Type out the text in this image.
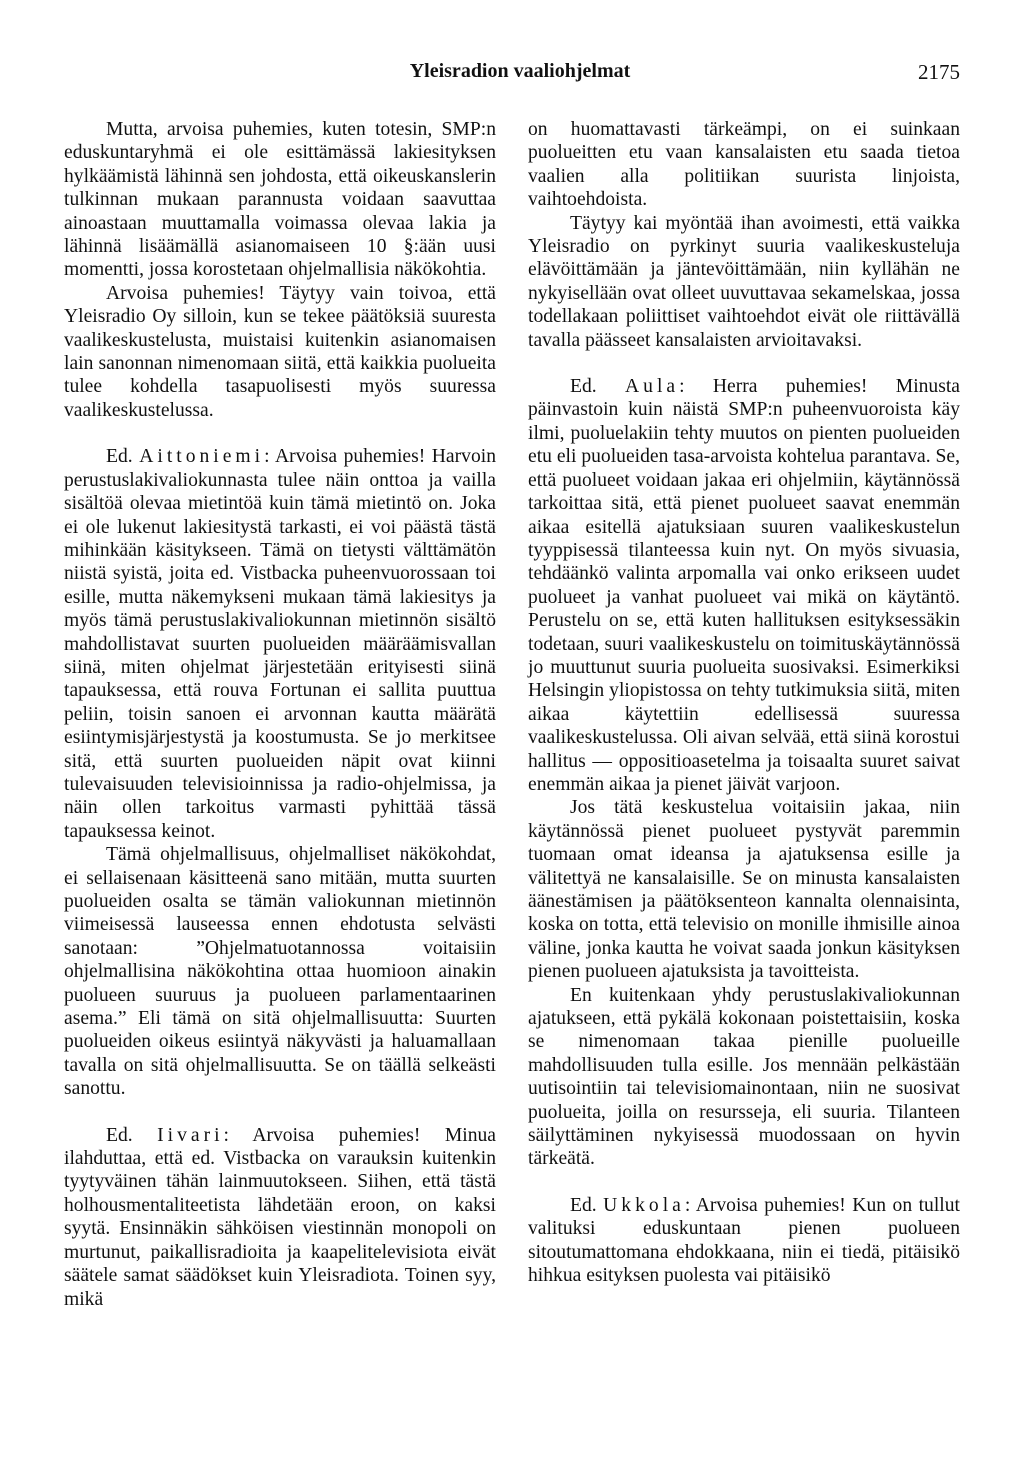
Yleisradion vaaliohjelmat	2175

Mutta, arvoisa puhemies, kuten totesin, SMP:n eduskuntaryhmä ei ole esittämässä lakiesityksen hylkäämistä lähinnä sen johdosta, että oikeuskanslerin tulkinnan mukaan parannusta voidaan saavuttaa ainoastaan muuttamalla voimassa olevaa lakia ja lähinnä lisäämällä asianomaiseen 10 §:ään uusi momentti, jossa korostetaan ohjelmallisia näkökohtia.

Arvoisa puhemies! Täytyy vain toivoa, että Yleisradio Oy silloin, kun se tekee päätöksiä suuresta vaalikeskustelusta, muistaisi kuitenkin asianomaisen lain sanonnan nimenomaan siitä, että kaikkia puolueita tulee kohdella tasapuolisesti myös suuressa vaalikeskustelussa.

Ed. Aittoniemi: Arvoisa puhemies! Harvoin perustuslakivaliokunnasta tulee näin onttoa ja vailla sisältöä olevaa mietintöä kuin tämä mietintö on. Joka ei ole lukenut lakiesitystä tarkasti, ei voi päästä tästä mihinkään käsitykseen. Tämä on tietysti välttämätön niistä syistä, joita ed. Vistbacka puheenvuorossaan toi esille, mutta näkemykseni mukaan tämä lakiesitys ja myös tämä perustuslakivaliokunnan mietinnön sisältö mahdollistavat suurten puolueiden määräämisvallan siinä, miten ohjelmat järjestetään erityisesti siinä tapauksessa, että rouva Fortunan ei sallita puuttua peliin, toisin sanoen ei arvonnan kautta määrätä esiintymisjärjestystä ja koostumusta. Se jo merkitsee sitä, että suurten puolueiden näpit ovat kiinni tulevaisuuden televisioinnissa ja radio-ohjelmissa, ja näin ollen tarkoitus varmasti pyhittää tässä tapauksessa keinot.

Tämä ohjelmallisuus, ohjelmalliset näkökohdat, ei sellaisenaan käsitteenä sano mitään, mutta suurten puolueiden osalta se tämän valiokunnan mietinnön viimeisessä lauseessa ennen ehdotusta selvästi sanotaan: ”Ohjelmatuotannossa voitaisiin ohjelmallisina näkökohtina ottaa huomioon ainakin puolueen suuruus ja puolueen parlamentaarinen asema.” Eli tämä on sitä ohjelmallisuutta: Suurten puolueiden oikeus esiintyä näkyvästi ja haluamallaan tavalla on sitä ohjelmallisuutta. Se on täällä selkeästi sanottu.

Ed. Iivari: Arvoisa puhemies! Minua ilahduttaa, että ed. Vistbacka on varauksin kuitenkin tyytyväinen tähän lainmuutokseen. Siihen, että tästä holhousmentaliteetista lähdetään eroon, on kaksi syytä. Ensinnäkin sähköisen viestinnän monopoli on murtunut, paikallisradioita ja kaapelitelevisiota eivät säätele samat säädökset kuin Yleisradiota. Toinen syy, mikä

on huomattavasti tärkeämpi, on ei suinkaan puolueitten etu vaan kansalaisten etu saada tietoa vaalien alla politiikan suurista linjoista, vaihtoehdoista.

Täytyy kai myöntää ihan avoimesti, että vaikka Yleisradio on pyrkinyt suuria vaalikeskusteluja elävöittämään ja jäntevöittämään, niin kyllähän ne nykyisellään ovat olleet uuvuttavaa sekamelskaa, jossa todellakaan poliittiset vaihtoehdot eivät ole riittävällä tavalla päässeet kansalaisten arvioitavaksi.

Ed. Aula: Herra puhemies! Minusta päinvastoin kuin näistä SMP:n puheenvuoroista käy ilmi, puoluelakiin tehty muutos on pienten puolueiden etu eli puolueiden tasa-arvoista kohtelua parantava. Se, että puolueet voidaan jakaa eri ohjelmiin, käytännössä tarkoittaa sitä, että pienet puolueet saavat enemmän aikaa esitellä ajatuksiaan suuren vaalikeskustelun tyyppisessä tilanteessa kuin nyt. On myös sivuasia, tehdäänkö valinta arpomalla vai onko erikseen uudet puolueet ja vanhat puolueet vai mikä on käytäntö. Perustelu on se, että kuten hallituksen esityksessäkin todetaan, suuri vaalikeskustelu on toimituskäytännössä jo muuttunut suuria puolueita suosivaksi. Esimerkiksi Helsingin yliopistossa on tehty tutkimuksia siitä, miten aikaa käytettiin edellisessä suuressa vaalikeskustelussa. Oli aivan selvää, että siinä korostui hallitus — oppositioasetelma ja toisaalta suuret saivat enemmän aikaa ja pienet jäivät varjoon.

Jos tätä keskustelua voitaisiin jakaa, niin käytännössä pienet puolueet pystyvät paremmin tuomaan omat ideansa ja ajatuksensa esille ja välitettyä ne kansalaisille. Se on minusta kansalaisten äänestämisen ja päätöksenteon kannalta olennaisinta, koska on totta, että televisio on monille ihmisille ainoa väline, jonka kautta he voivat saada jonkun käsityksen pienen puolueen ajatuksista ja tavoitteista.

En kuitenkaan yhdy perustuslakivaliokunnan ajatukseen, että pykälä kokonaan poistettaisiin, koska se nimenomaan takaa pienille puolueille mahdollisuuden tulla esille. Jos mennään pelkästään uutisointiin tai televisiomainontaan, niin ne suosivat puolueita, joilla on resursseja, eli suuria. Tilanteen säilyttäminen nykyisessä muodossaan on hyvin tärkeätä.

Ed. Ukkola: Arvoisa puhemies! Kun on tullut valituksi eduskuntaan pienen puolueen sitoutumattomana ehdokkaana, niin ei tiedä, pitäisikö hihkua esityksen puolesta vai pitäisikö
